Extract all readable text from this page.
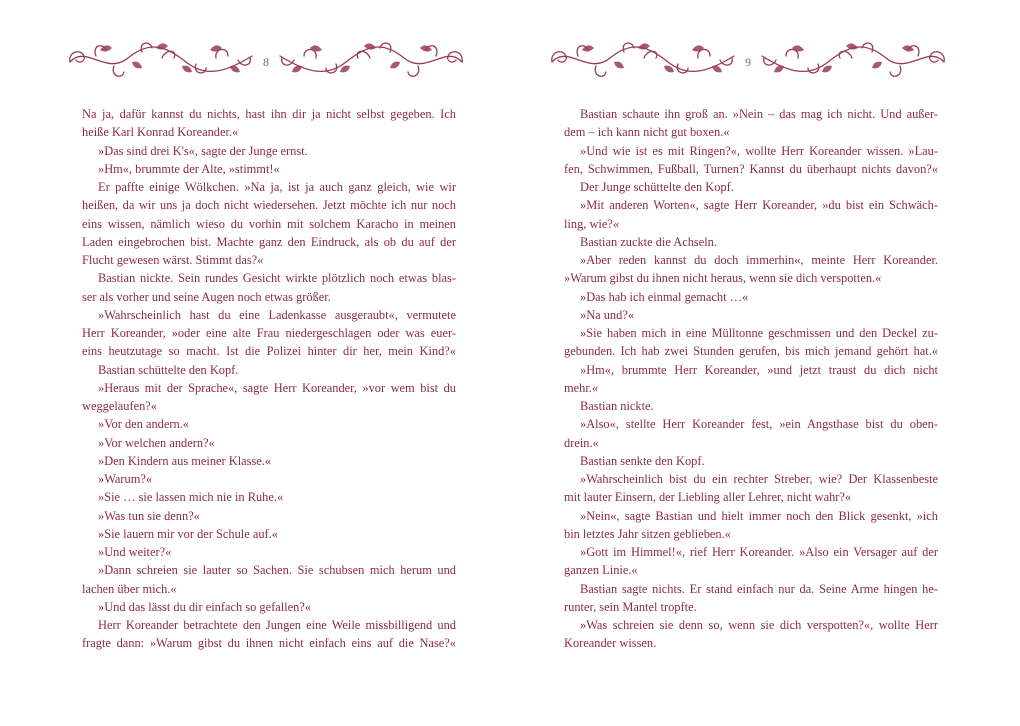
8
Na ja, dafür kannst du nichts, hast ihn dir ja nicht selbst gegeben. Ich
heiße Karl Konrad Koreander.«
»Das sind drei K's«, sagte der Junge ernst.
»Hm«, brummte der Alte, »stimmt!«
Er paffte einige Wölkchen. »Na ja, ist ja auch ganz gleich, wie wir
heißen, da wir uns ja doch nicht wiedersehen. Jetzt möchte ich nur noch
eins wissen, nämlich wieso du vorhin mit solchem Karacho in meinen
Laden eingebrochen bist. Machte ganz den Eindruck, als ob du auf der
Flucht gewesen wärst. Stimmt das?«
Bastian nickte. Sein rundes Gesicht wirkte plötzlich noch etwas blas-
ser als vorher und seine Augen noch etwas größer.
»Wahrscheinlich hast du eine Ladenkasse ausgeraubt«, vermutete
Herr Koreander, »oder eine alte Frau niedergeschlagen oder was euer-
eins heutzutage so macht. Ist die Polizei hinter dir her, mein Kind?«
Bastian schüttelte den Kopf.
»Heraus mit der Sprache«, sagte Herr Koreander, »vor wem bist du
weggelaufen?«
»Vor den andern.«
»Vor welchen andern?«
»Den Kindern aus meiner Klasse.«
»Warum?«
»Sie … sie lassen mich nie in Ruhe.«
»Was tun sie denn?«
»Sie lauern mir vor der Schule auf.«
»Und weiter?«
»Dann schreien sie lauter so Sachen. Sie schubsen mich herum und
lachen über mich.«
»Und das lässt du dir einfach so gefallen?«
Herr Koreander betrachtete den Jungen eine Weile missbilligend und
fragte dann: »Warum gibst du ihnen nicht einfach eins auf die Nase?«
9
Bastian schaute ihn groß an. »Nein – das mag ich nicht. Und außer-
dem – ich kann nicht gut boxen.«
»Und wie ist es mit Ringen?«, wollte Herr Koreander wissen. »Lau-
fen, Schwimmen, Fußball, Turnen? Kannst du überhaupt nichts davon?«
Der Junge schüttelte den Kopf.
»Mit anderen Worten«, sagte Herr Koreander, »du bist ein Schwäch-
ling, wie?«
Bastian zuckte die Achseln.
»Aber reden kannst du doch immerhin«, meinte Herr Koreander.
»Warum gibst du ihnen nicht heraus, wenn sie dich verspotten.«
»Das hab ich einmal gemacht …«
»Na und?«
»Sie haben mich in eine Mülltonne geschmissen und den Deckel zu-
gebunden. Ich hab zwei Stunden gerufen, bis mich jemand gehört hat.«
»Hm«, brummte Herr Koreander, »und jetzt traust du dich nicht
mehr.«
Bastian nickte.
»Also«, stellte Herr Koreander fest, »ein Angsthase bist du oben-
drein.«
Bastian senkte den Kopf.
»Wahrscheinlich bist du ein rechter Streber, wie? Der Klassenbeste
mit lauter Einsern, der Liebling aller Lehrer, nicht wahr?«
»Nein«, sagte Bastian und hielt immer noch den Blick gesenkt, »ich
bin letztes Jahr sitzen geblieben.«
»Gott im Himmel!«, rief Herr Koreander. »Also ein Versager auf der
ganzen Linie.«
Bastian sagte nichts. Er stand einfach nur da. Seine Arme hingen he-
runter, sein Mantel tropfte.
»Was schreien sie denn so, wenn sie dich verspotten?«, wollte Herr
Koreander wissen.
